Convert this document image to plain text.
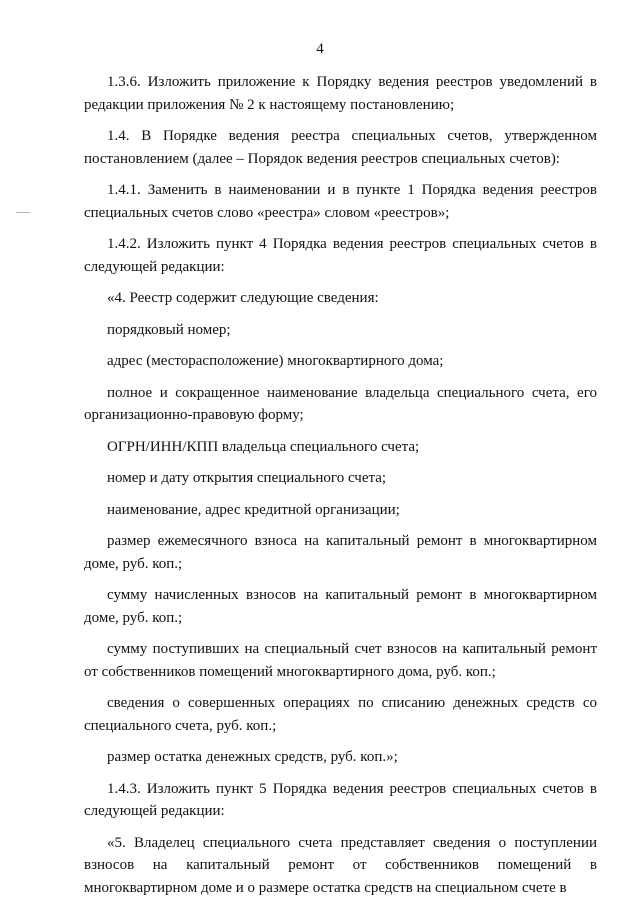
4

1.3.6. Изложить приложение к Порядку ведения реестров уведомлений в редакции приложения № 2 к настоящему постановлению;

1.4. В Порядке ведения реестра специальных счетов, утвержденном постановлением (далее – Порядок ведения реестров специальных счетов):

1.4.1. Заменить в наименовании и в пункте 1 Порядка ведения реестров специальных счетов слово «реестра» словом «реестров»;

1.4.2. Изложить пункт 4 Порядка ведения реестров специальных счетов в следующей редакции:

«4. Реестр содержит следующие сведения:

порядковый номер;

адрес (месторасположение) многоквартирного дома;

полное и сокращенное наименование владельца специального счета, его организационно-правовую форму;

ОГРН/ИНН/КПП владельца специального счета;

номер и дату открытия специального счета;

наименование, адрес кредитной организации;

размер ежемесячного взноса на капитальный ремонт в многоквартирном доме, руб. коп.;

сумму начисленных взносов на капитальный ремонт в многоквартирном доме, руб. коп.;

сумму поступивших на специальный счет взносов на капитальный ремонт от собственников помещений многоквартирного дома, руб. коп.;

сведения о совершенных операциях по списанию денежных средств со специального счета, руб. коп.;

размер остатка денежных средств, руб. коп.»;

1.4.3. Изложить пункт 5 Порядка ведения реестров специальных счетов в следующей редакции:

«5. Владелец специального счета представляет сведения о поступлении взносов на капитальный ремонт от собственников помещений в многоквартирном доме и о размере остатка средств на специальном счете в
